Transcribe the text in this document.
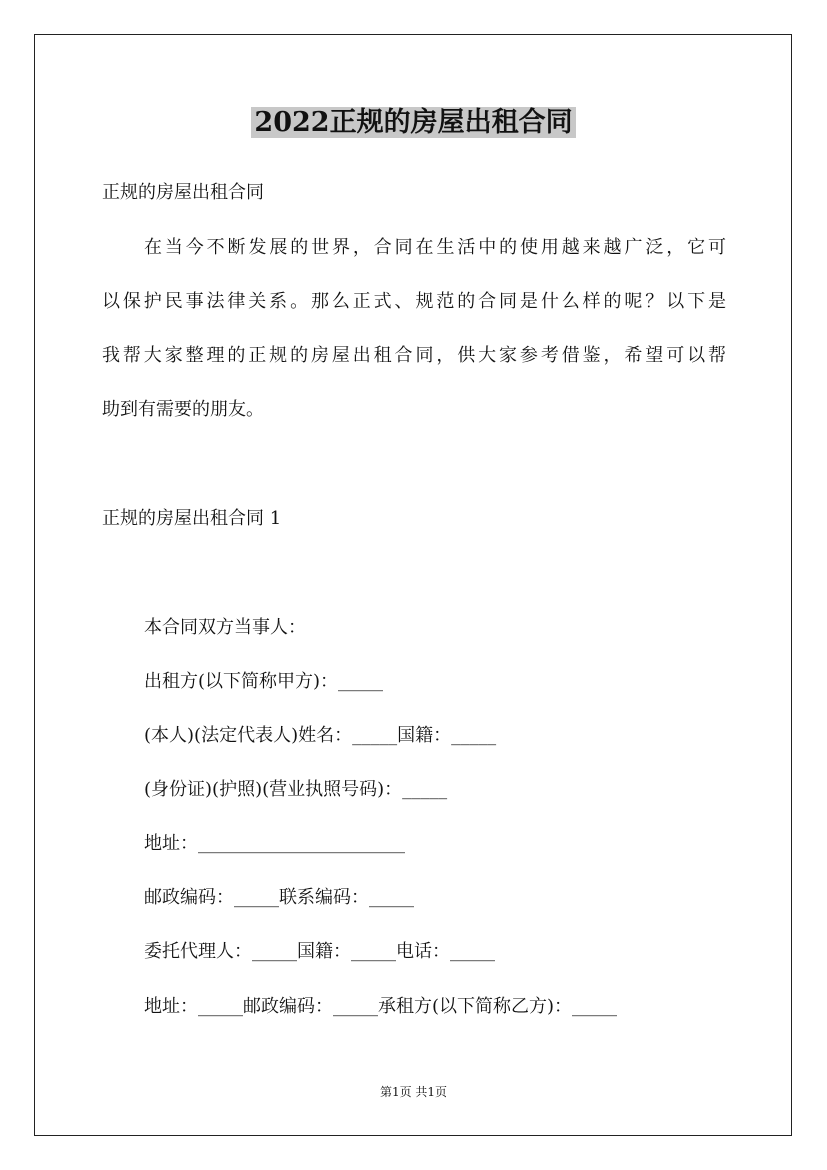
2022正规的房屋出租合同
正规的房屋出租合同
在当今不断发展的世界，合同在生活中的使用越来越广泛，它可
以保护民事法律关系。那么正式、规范的合同是什么样的呢？以下是
我帮大家整理的正规的房屋出租合同，供大家参考借鉴，希望可以帮
助到有需要的朋友。
正规的房屋出租合同 1
本合同双方当事人：
出租方(以下简称甲方)：_____
(本人)(法定代表人)姓名：_____国籍：_____
(身份证)(护照)(营业执照号码)：_____
地址：_______________________
邮政编码：_____联系编码：_____
委托代理人：_____国籍：_____电话：_____
地址：_____邮政编码：_____承租方(以下简称乙方)：_____
第1页 共1页
